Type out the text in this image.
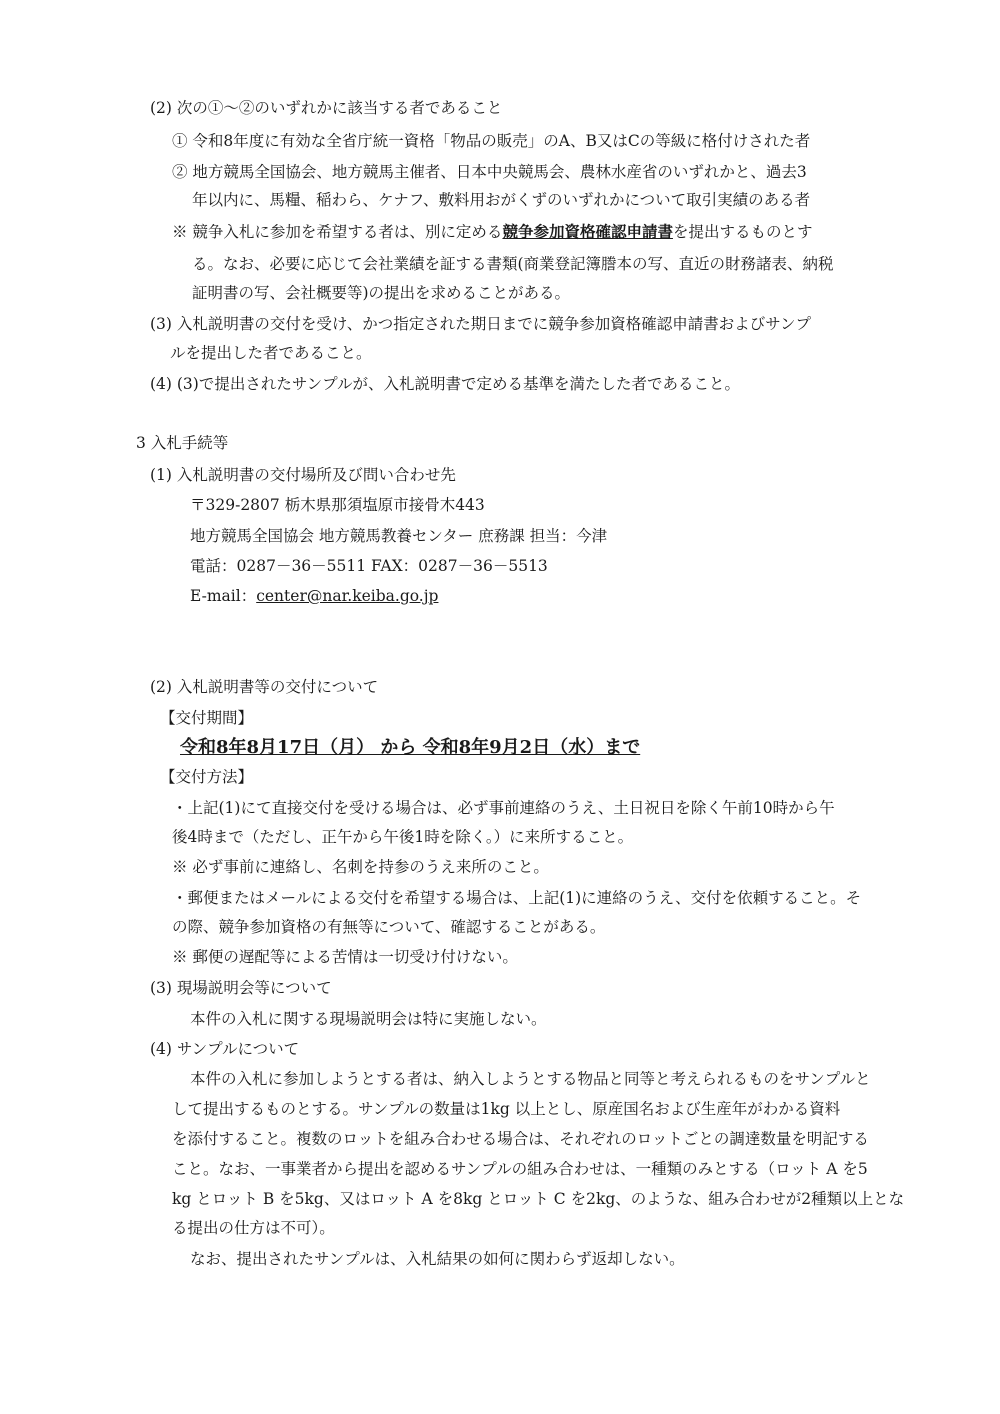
(2) 次の①～②のいずれかに該当する者であること
① 令和8年度に有効な全省庁統一資格「物品の販売」のA、B又はCの等級に格付けされた者
② 地方競馬全国協会、地方競馬主催者、日本中央競馬会、農林水産省のいずれかと、過去3
年以内に、馬糧、稲わら、ケナフ、敷料用おがくずのいずれかについて取引実績のある者
※ 競争入札に参加を希望する者は、別に定める競争参加資格確認申請書を提出するものとす
る。なお、必要に応じて会社業績を証する書類(商業登記簿謄本の写、直近の財務諸表、納税
証明書の写、会社概要等)の提出を求めることがある。
(3) 入札説明書の交付を受け、かつ指定された期日までに競争参加資格確認申請書およびサンプ
ルを提出した者であること。
(4) (3)で提出されたサンプルが、入札説明書で定める基準を満たした者であること。
3 入札手続等
(1) 入札説明書の交付場所及び問い合わせ先
〒329-2807 栃木県那須塩原市接骨木443
地方競馬全国協会 地方競馬教養センター 庶務課 担当：今津
電話：0287－36－5511 FAX：0287－36－5513
E-mail：center@nar.keiba.go.jp
(2) 入札説明書等の交付について
【交付期間】
令和8年8月17日（月） から 令和8年9月2日（水）まで
【交付方法】
・上記(1)にて直接交付を受ける場合は、必ず事前連絡のうえ、土日祝日を除く午前10時から午
後4時まで（ただし、正午から午後1時を除く。）に来所すること。
※ 必ず事前に連絡し、名刺を持参のうえ来所のこと。
・郵便またはメールによる交付を希望する場合は、上記(1)に連絡のうえ、交付を依頼すること。そ
の際、競争参加資格の有無等について、確認することがある。
※ 郵便の遅配等による苦情は一切受け付けない。
(3) 現場説明会等について
本件の入札に関する現場説明会は特に実施しない。
(4) サンプルについて
本件の入札に参加しようとする者は、納入しようとする物品と同等と考えられるものをサンプルと
して提出するものとする。サンプルの数量は1kg 以上とし、原産国名および生産年がわかる資料
を添付すること。複数のロットを組み合わせる場合は、それぞれのロットごとの調達数量を明記する
こと。なお、一事業者から提出を認めるサンプルの組み合わせは、一種類のみとする（ロット A を5
kg とロット B を5kg、又はロット A を8kg とロット C を2kg、のような、組み合わせが2種類以上とな
る提出の仕方は不可）。
なお、提出されたサンプルは、入札結果の如何に関わらず返却しない。
